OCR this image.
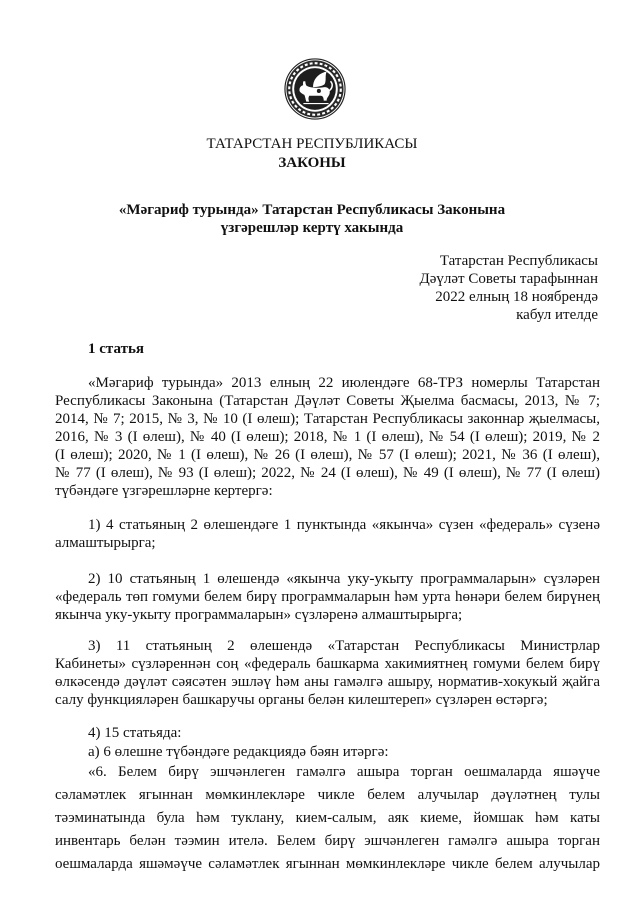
ТАТАРСТАН РЕСПУБЛИКАСЫ
ЗАКОНЫ
«Мәгариф турында» Татарстан Республикасы Законына
үзгәрешләр кертү хакында
Татарстан Республикасы
Дәүләт Советы тарафыннан
2022 елның 18 ноябрендә
кабул ителде
1 статья
«Мәгариф турында» 2013 елның 22 июлендәге 68-ТРЗ номерлы Татарстан
Республикасы Законына (Татарстан Дәүләт Советы Җыелма басмасы, 2013, № 7;
2014, № 7; 2015, № 3, № 10 (I өлеш); Татарстан Республикасы законнар җыелмасы,
2016, № 3 (I өлеш), № 40 (I өлеш); 2018, № 1 (I өлеш), № 54 (I өлеш); 2019, № 2
(I өлеш); 2020, № 1 (I өлеш), № 26 (I өлеш), № 57 (I өлеш); 2021, № 36 (I өлеш),
№ 77 (I өлеш), № 93 (I өлеш); 2022, № 24 (I өлеш), № 49 (I өлеш), № 77 (I өлеш)
түбәндәге үзгәрешләрне кертергә:
1) 4 статьяның 2 өлешендәге 1 пунктында «якынча» сүзен «федераль» сүзенә
алмаштырырга;
2) 10 статьяның 1 өлешендә «якынча уку-укыту программаларын» сүзләрен
«федераль төп гомуми белем бирү программаларын һәм урта һөнәри белем бирүнең
якынча уку-укыту программаларын» сүзләренә алмаштырырга;
3) 11 статьяның 2 өлешендә «Татарстан Республикасы Министрлар
Кабинеты» сүзләреннән соң «федераль башкарма хакимиятнең гомуми белем бирү
өлкәсендә дәүләт сәясәтен эшләү һәм аны гамәлгә ашыру, норматив-хокукый җайга
салу функцияләрен башкаручы органы белән килештереп» сүзләрен өстәргә;
4) 15 статьяда:
а) 6 өлешне түбәндәге редакциядә бәян итәргә:
«6. Белем бирү эшчәнлеген гамәлгә ашыра торган оешмаларда яшәүче
сәламәтлек ягыннан мөмкинлекләре чикле белем алучылар дәүләтнең тулы
тәэминатында була һәм туклану, кием-салым, аяк киеме, йомшак һәм каты
инвентарь белән тәэмин ителә. Белем бирү эшчәнлеген гамәлгә ашыра торган
оешмаларда яшәмәүче сәламәтлек ягыннан мөмкинлекләре чикле белем алучылар
